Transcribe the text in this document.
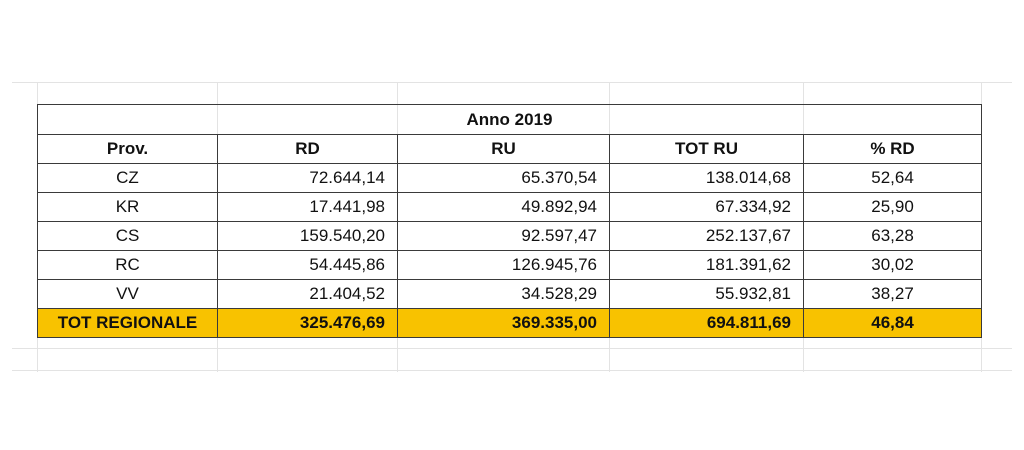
Anno 2019				
Prov.	RD	RU	TOT RU	% RD
CZ	72.644,14	65.370,54	138.014,68	52,64
KR	17.441,98	49.892,94	67.334,92	25,90
CS	159.540,20	92.597,47	252.137,67	63,28
RC	54.445,86	126.945,76	181.391,62	30,02
VV	21.404,52	34.528,29	55.932,81	38,27
TOT REGIONALE	325.476,69	369.335,00	694.811,69	46,84
